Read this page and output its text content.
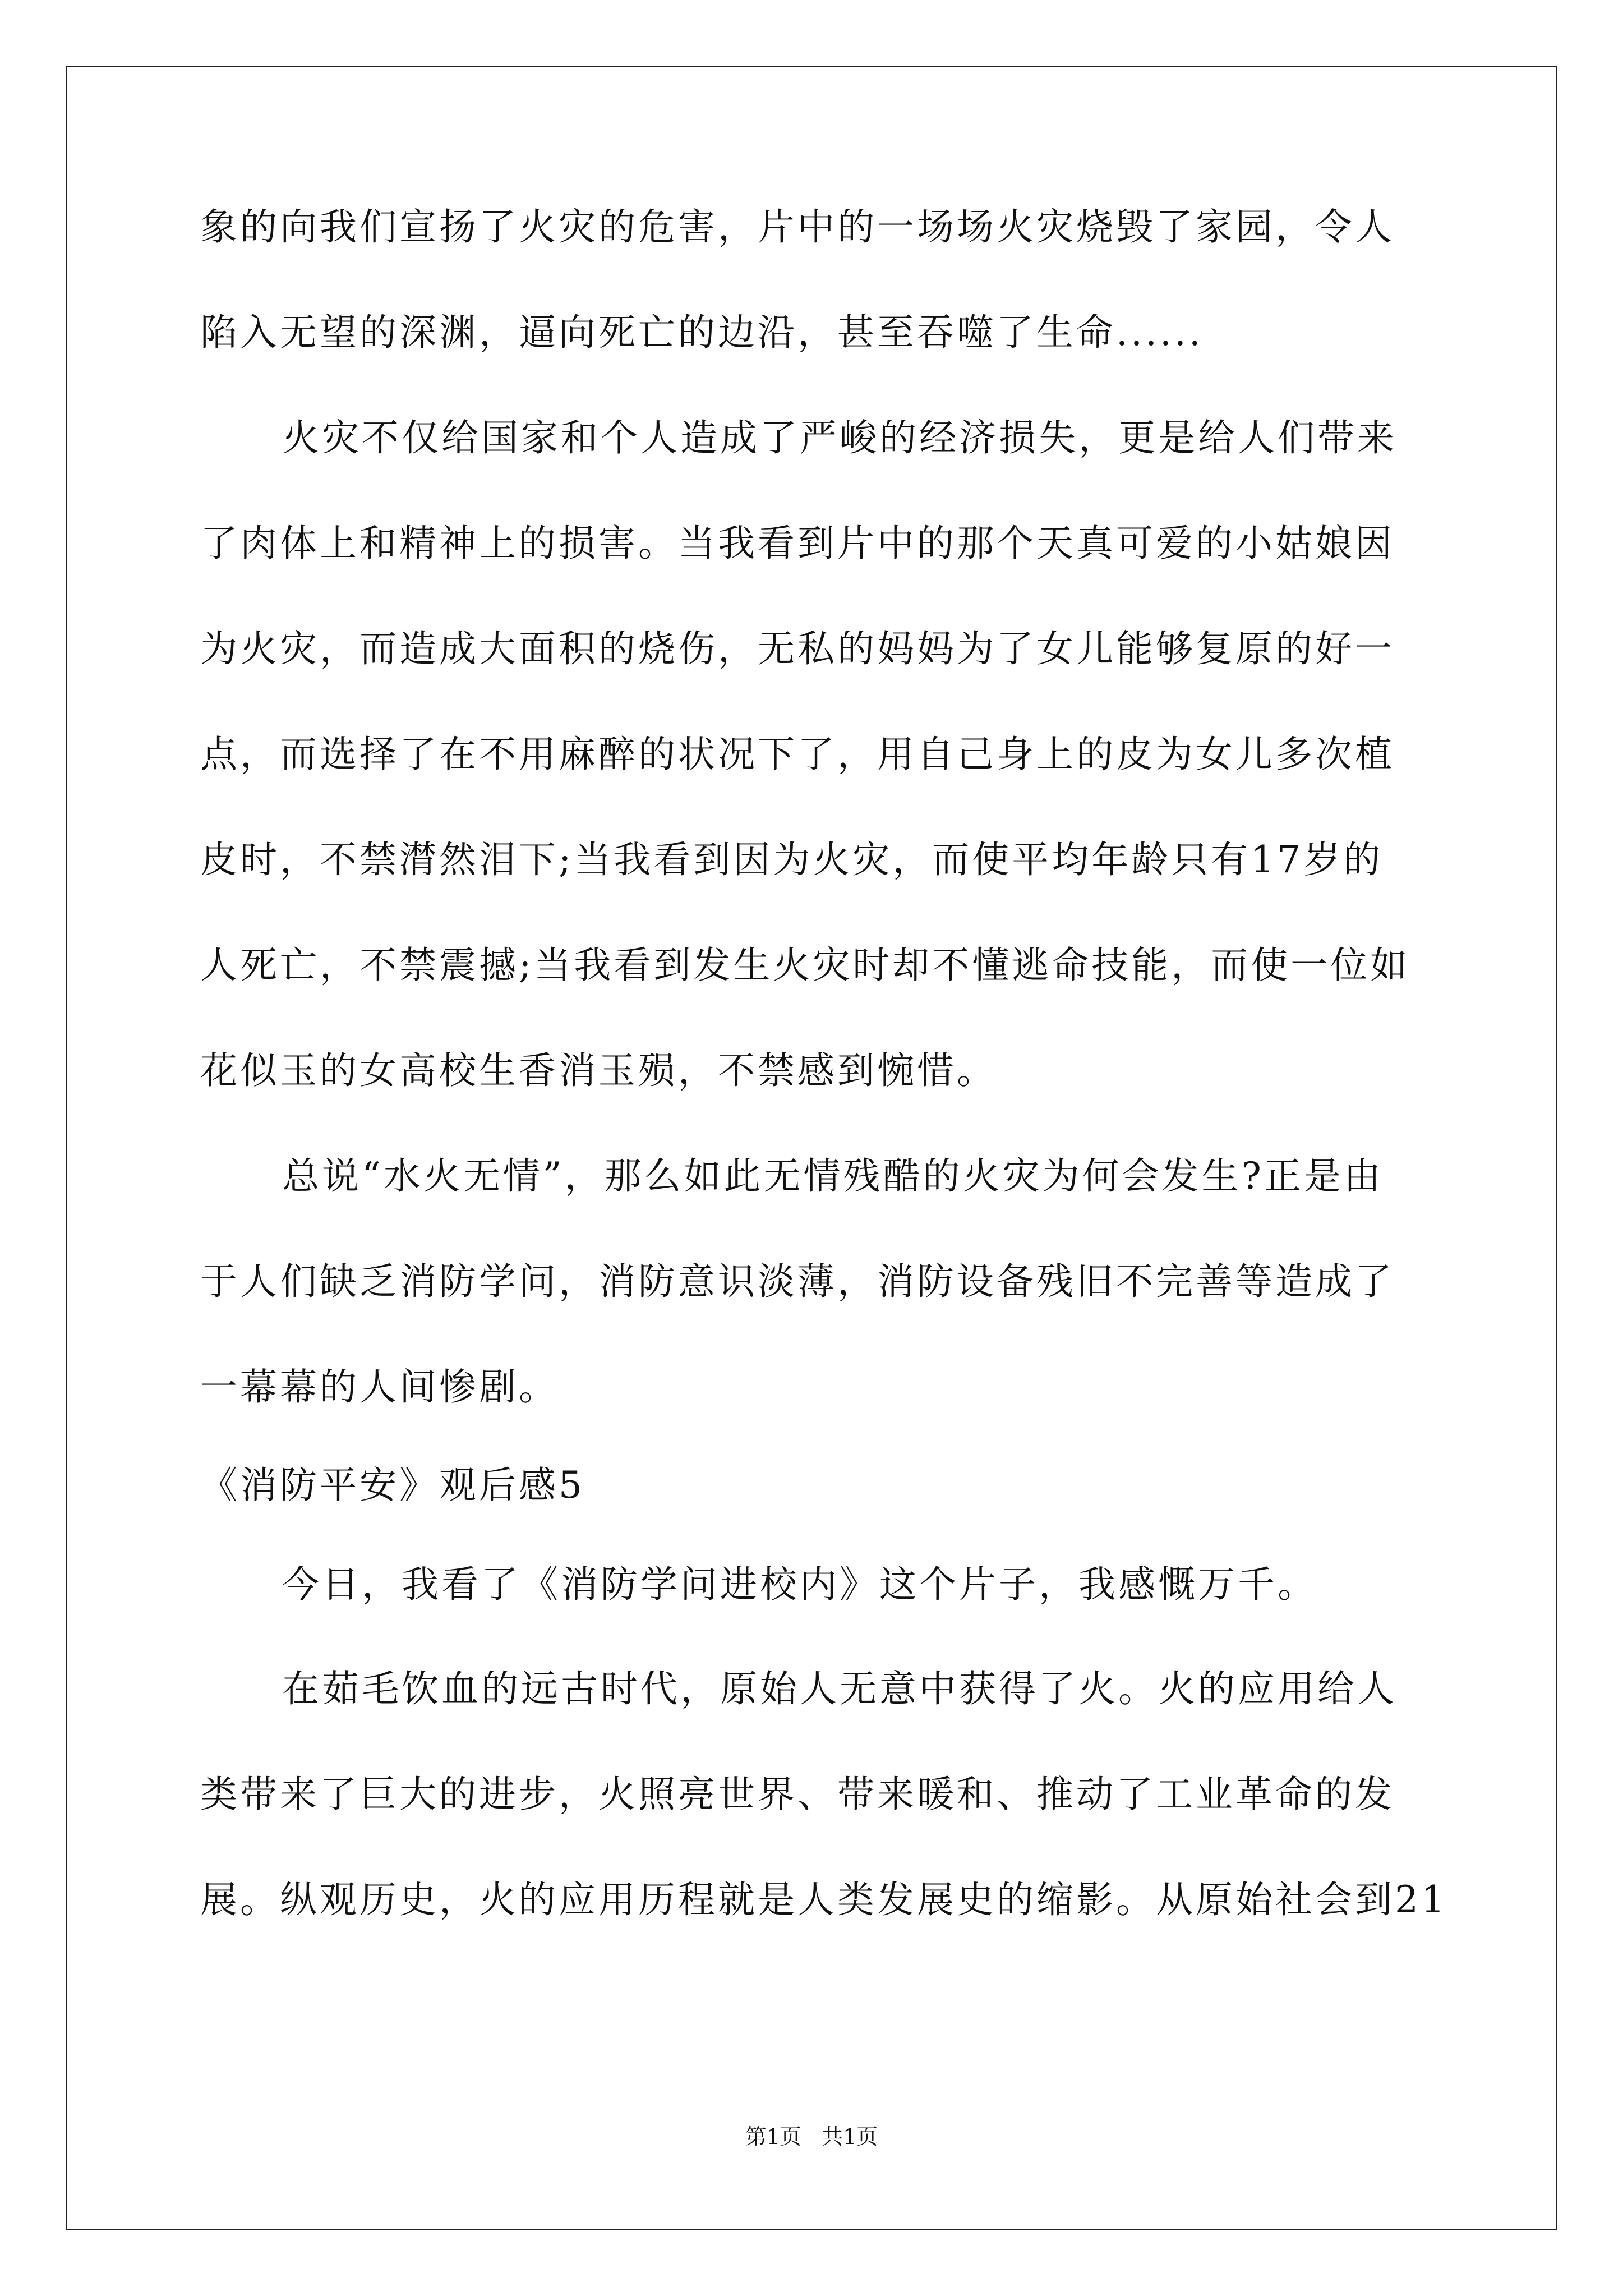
象的向我们宣扬了火灾的危害，片中的一场场火灾烧毁了家园，令人
陷入无望的深渊，逼向死亡的边沿，甚至吞噬了生命......
火灾不仅给国家和个人造成了严峻的经济损失，更是给人们带来
了肉体上和精神上的损害。当我看到片中的那个天真可爱的小姑娘因
为火灾，而造成大面积的烧伤，无私的妈妈为了女儿能够复原的好一
点，而选择了在不用麻醉的状况下了，用自己身上的皮为女儿多次植
皮时，不禁潸然泪下;当我看到因为火灾，而使平均年龄只有17岁的
人死亡，不禁震撼;当我看到发生火灾时却不懂逃命技能，而使一位如
花似玉的女高校生香消玉殒，不禁感到惋惜。
总说“水火无情”，那么如此无情残酷的火灾为何会发生?正是由
于人们缺乏消防学问，消防意识淡薄，消防设备残旧不完善等造成了
一幕幕的人间惨剧。
《消防平安》观后感5
今日，我看了《消防学问进校内》这个片子，我感慨万千。
在茹毛饮血的远古时代，原始人无意中获得了火。火的应用给人
类带来了巨大的进步，火照亮世界、带来暖和、推动了工业革命的发
展。纵观历史，火的应用历程就是人类发展史的缩影。从原始社会到21
第1页   共1页
